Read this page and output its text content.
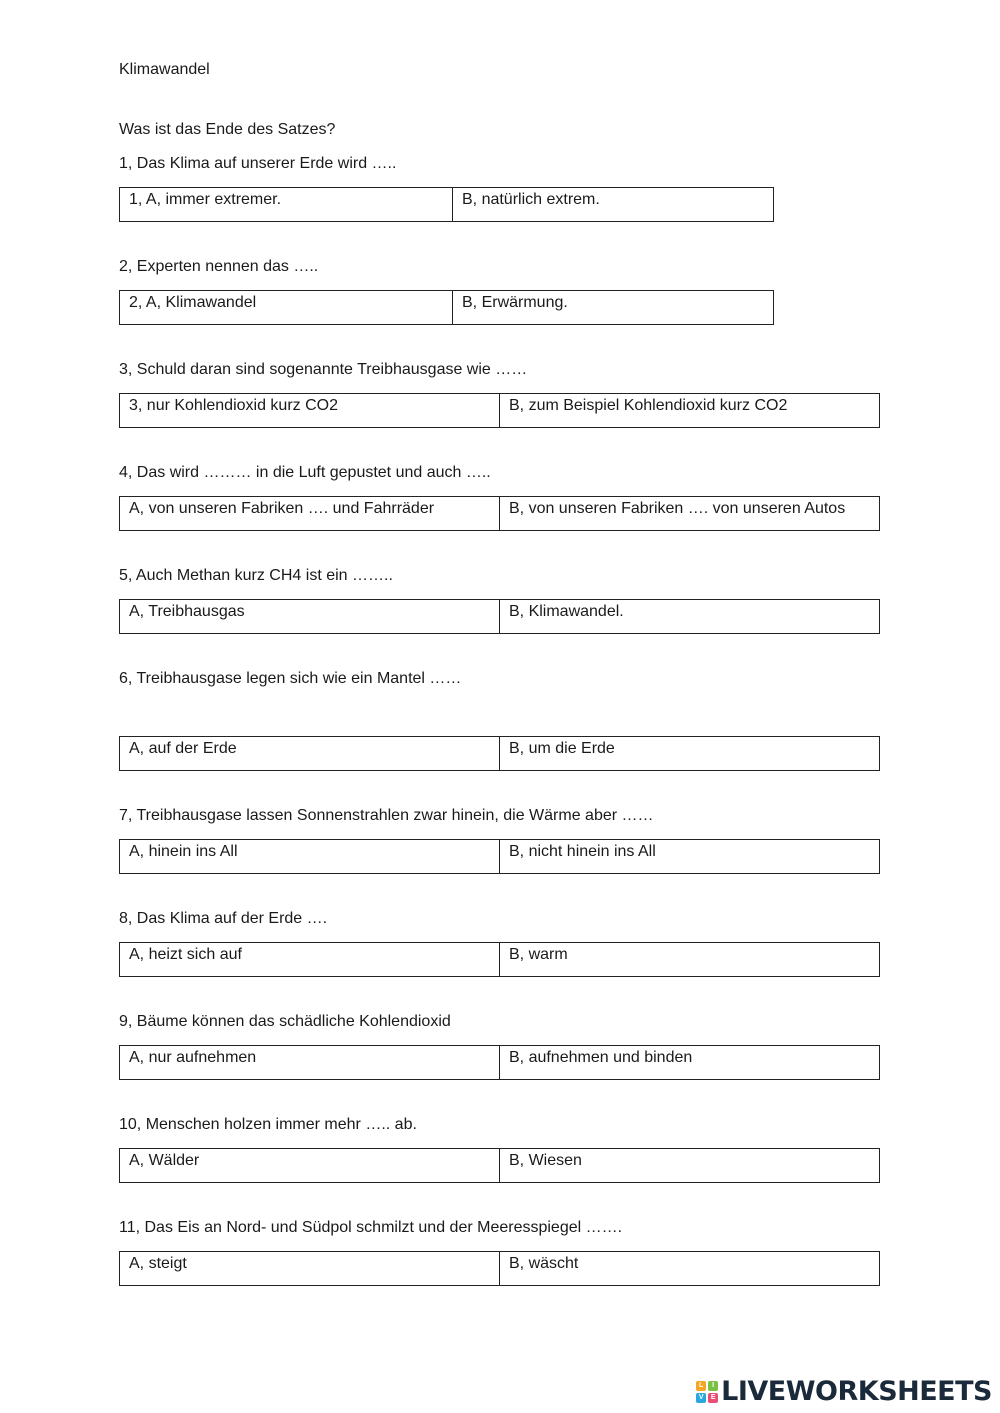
Klimawandel
Was ist das Ende des Satzes?
1, Das Klima auf unserer Erde wird …..
1, A, immer extremer.	B, natürlich extrem.
2, Experten nennen das …..
2, A, Klimawandel	B, Erwärmung.
3, Schuld daran sind sogenannte Treibhausgase wie ……
3, nur Kohlendioxid kurz CO2	B, zum Beispiel Kohlendioxid kurz CO2
4, Das wird ……… in die Luft gepustet und auch …..
A, von unseren Fabriken …. und Fahrräder	B, von unseren Fabriken …. von unseren Autos
5, Auch Methan kurz CH4 ist ein ……..
A, Treibhausgas	B, Klimawandel.
6, Treibhausgase legen sich wie ein Mantel ……
A, auf der Erde	B, um die Erde
7, Treibhausgase lassen Sonnenstrahlen zwar hinein, die Wärme aber ……
A, hinein ins All	B, nicht hinein ins All
8, Das Klima auf der Erde ….
A, heizt sich auf	B, warm
9, Bäume können das schädliche Kohlendioxid
A, nur aufnehmen	B, aufnehmen und binden
10, Menschen holzen immer mehr ….. ab.
A, Wälder	B, Wiesen
11, Das Eis an Nord- und Südpol schmilzt und der Meeresspiegel …….
A, steigt	B, wäscht
L	I
V	E LIVEWORKSHEETS
